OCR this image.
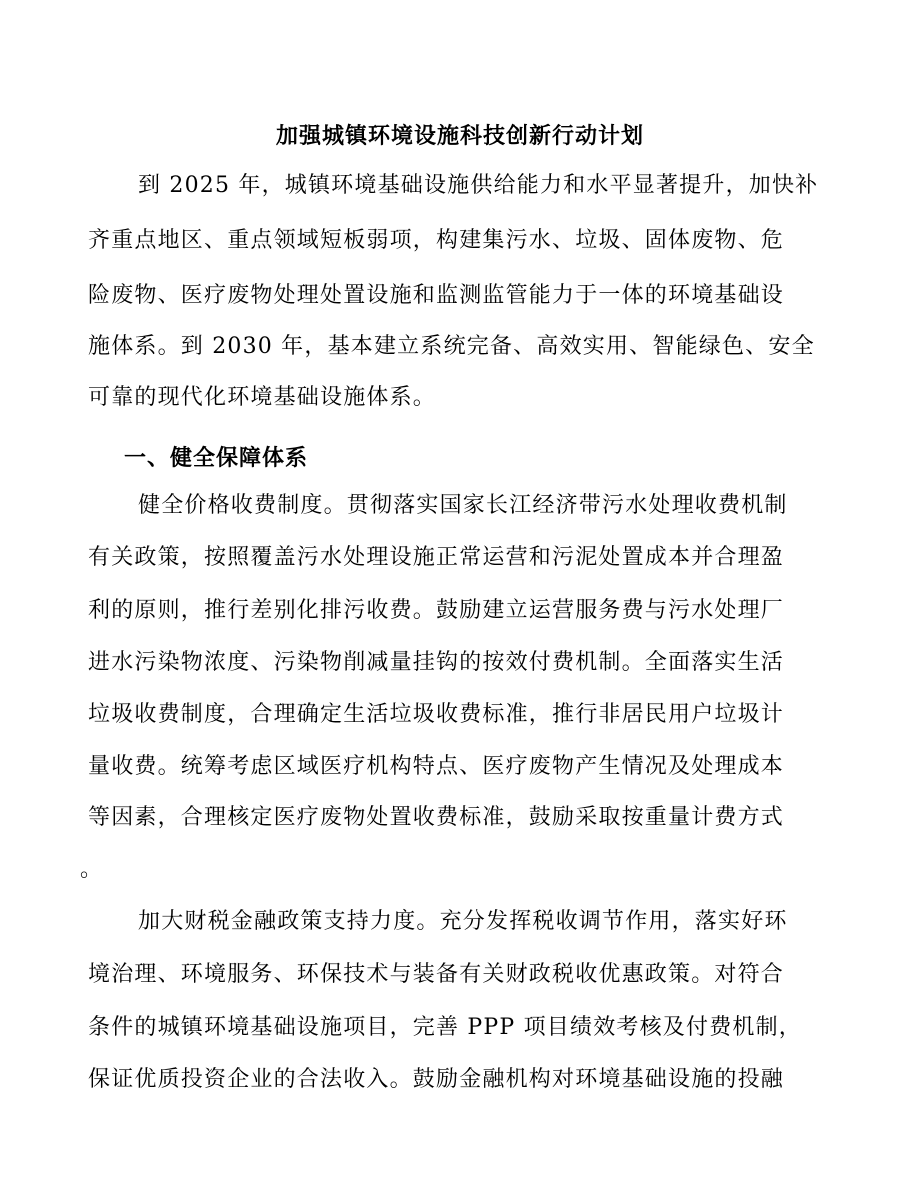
加强城镇环境设施科技创新行动计划
到 2025 年，城镇环境基础设施供给能力和水平显著提升，加快补
齐重点地区、重点领域短板弱项，构建集污水、垃圾、固体废物、危
险废物、医疗废物处理处置设施和监测监管能力于一体的环境基础设
施体系。到 2030 年，基本建立系统完备、高效实用、智能绿色、安全
可靠的现代化环境基础设施体系。
一、健全保障体系
健全价格收费制度。贯彻落实国家长江经济带污水处理收费机制
有关政策，按照覆盖污水处理设施正常运营和污泥处置成本并合理盈
利的原则，推行差别化排污收费。鼓励建立运营服务费与污水处理厂
进水污染物浓度、污染物削减量挂钩的按效付费机制。全面落实生活
垃圾收费制度，合理确定生活垃圾收费标准，推行非居民用户垃圾计
量收费。统筹考虑区域医疗机构特点、医疗废物产生情况及处理成本
等因素，合理核定医疗废物处置收费标准，鼓励采取按重量计费方式
。
加大财税金融政策支持力度。充分发挥税收调节作用，落实好环
境治理、环境服务、环保技术与装备有关财政税收优惠政策。对符合
条件的城镇环境基础设施项目，完善 PPP 项目绩效考核及付费机制，
保证优质投资企业的合法收入。鼓励金融机构对环境基础设施的投融
